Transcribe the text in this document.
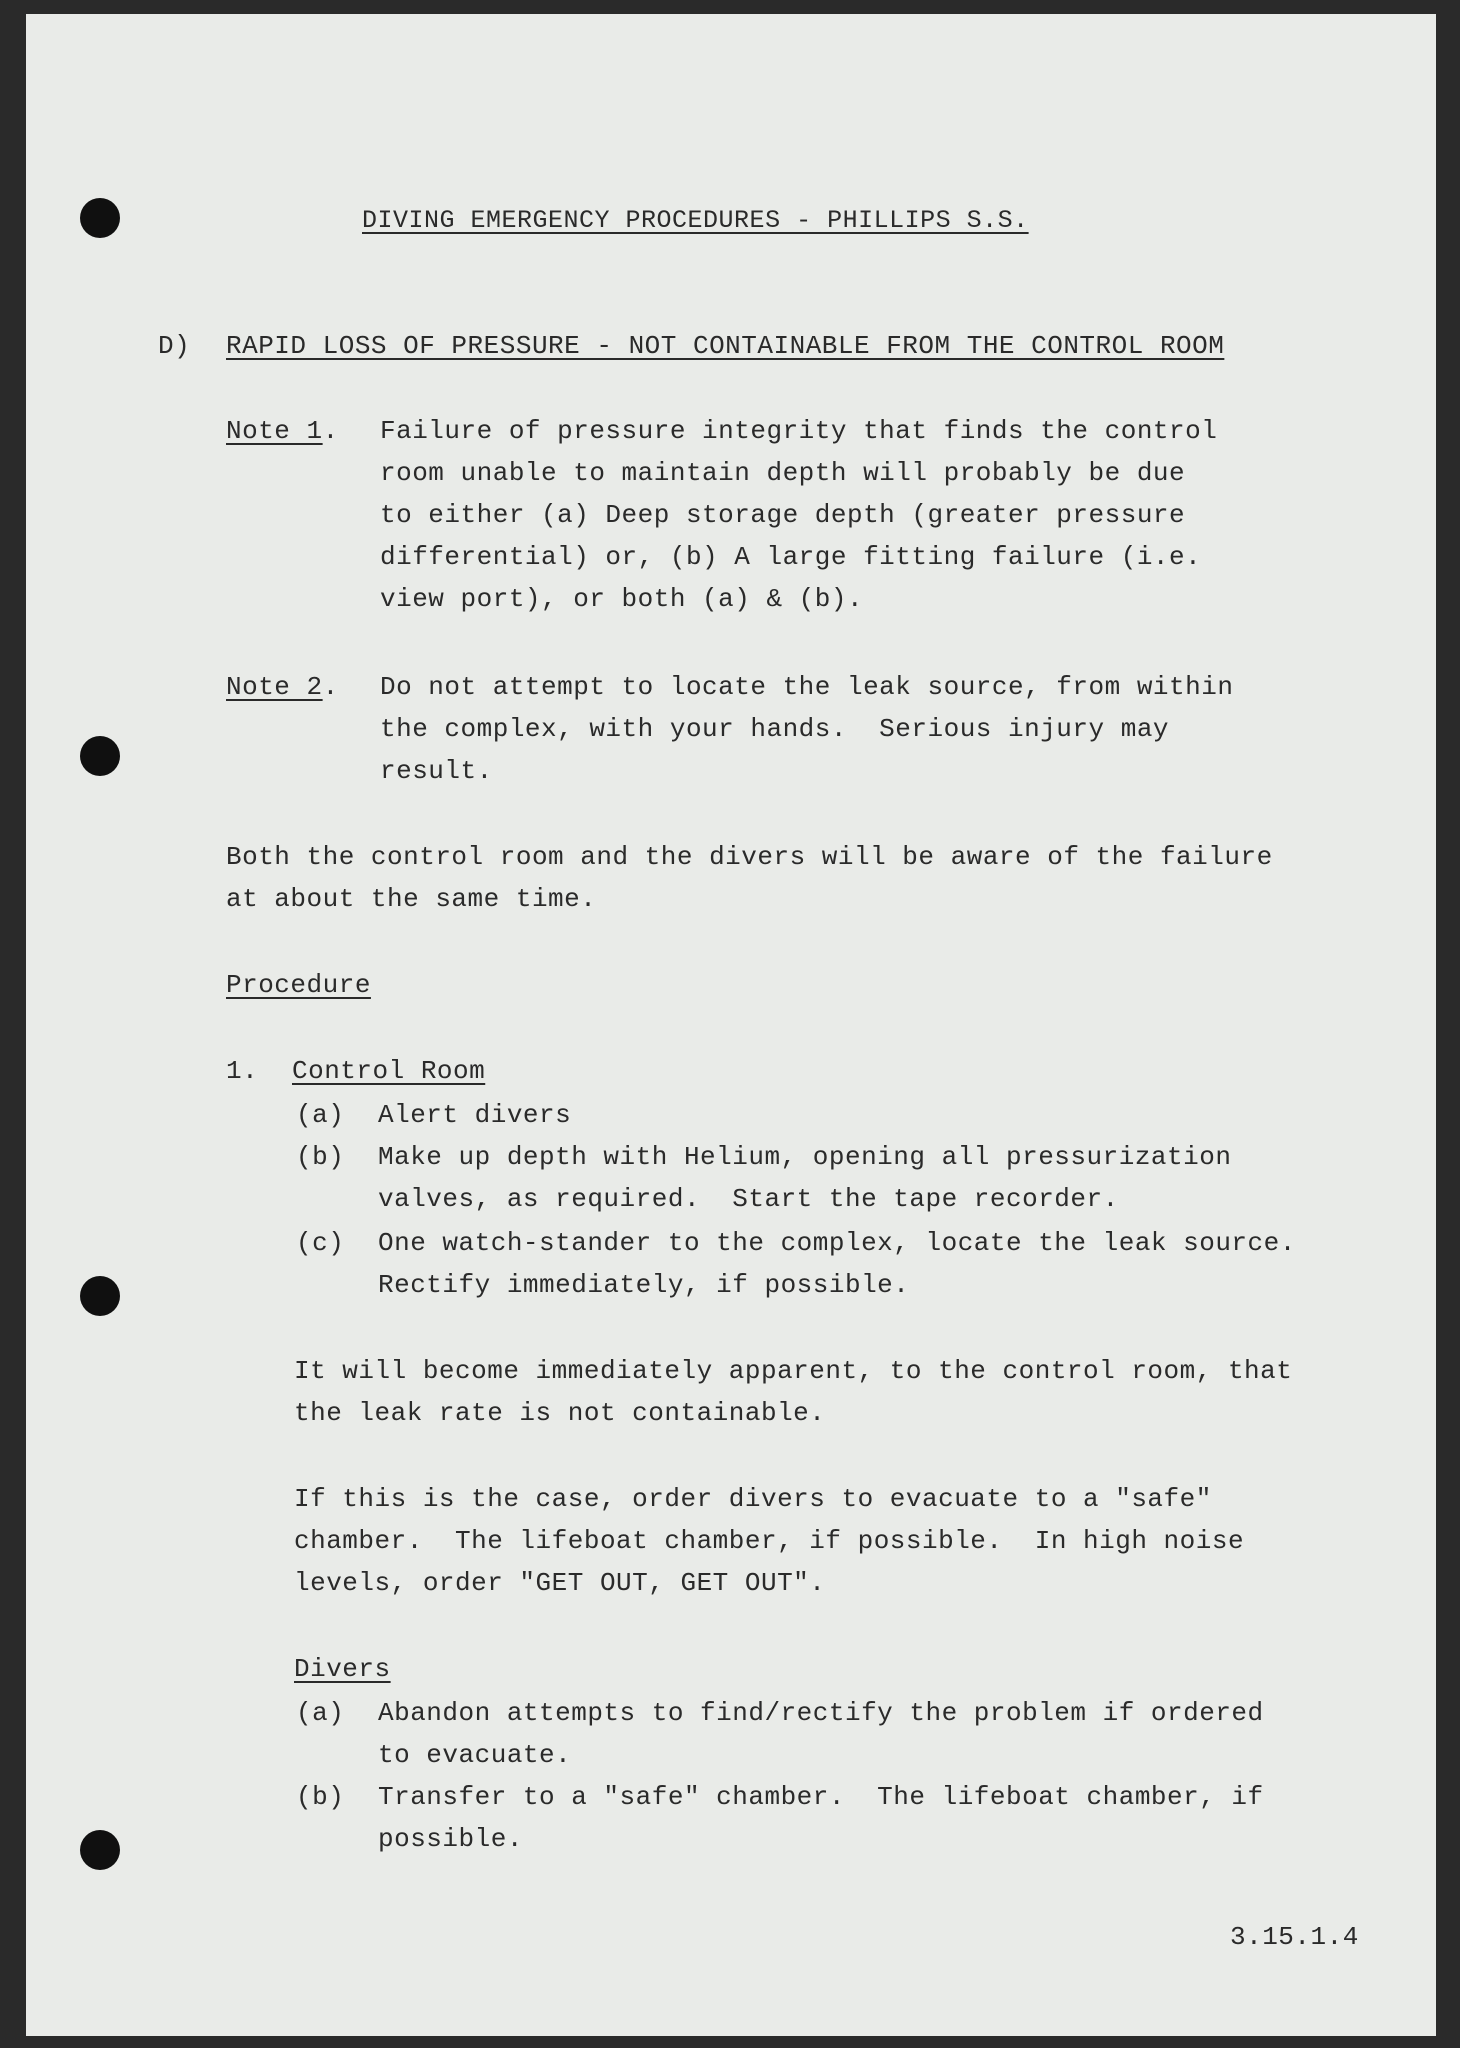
DIVING EMERGENCY PROCEDURES - PHILLIPS S.S.
D) RAPID LOSS OF PRESSURE - NOT CONTAINABLE FROM THE CONTROL ROOM
Note 1. Failure of pressure integrity that finds the control
room unable to maintain depth will probably be due
to either (a) Deep storage depth (greater pressure
differential) or, (b) A large fitting failure (i.e.
view port), or both (a) & (b).
Note 2. Do not attempt to locate the leak source, from within
the complex, with your hands.  Serious injury may
result.
Both the control room and the divers will be aware of the failure
at about the same time.
Procedure
1. Control Room
(a) Alert divers
(b) Make up depth with Helium, opening all pressurization
valves, as required.  Start the tape recorder.
(c) One watch-stander to the complex, locate the leak source.
Rectify immediately, if possible.
It will become immediately apparent, to the control room, that
the leak rate is not containable.
If this is the case, order divers to evacuate to a "safe"
chamber.  The lifeboat chamber, if possible.  In high noise
levels, order "GET OUT, GET OUT".
Divers
(a) Abandon attempts to find/rectify the problem if ordered
to evacuate.
(b) Transfer to a "safe" chamber.  The lifeboat chamber, if
possible.
3.15.1.4
